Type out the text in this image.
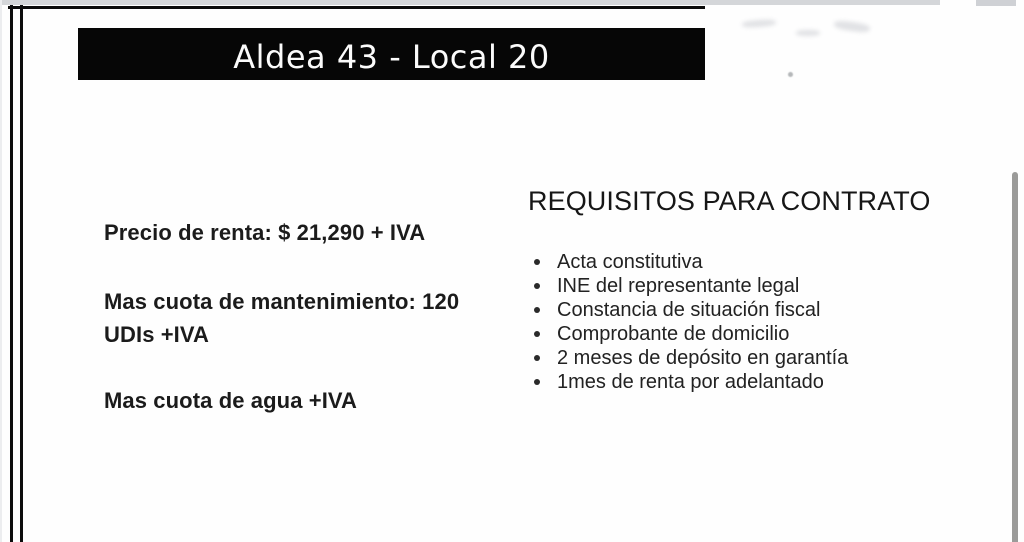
Aldea 43 - Local 20

Precio de renta: $ 21,290 + IVA

Mas cuota de mantenimiento: 120 UDIs +IVA

Mas cuota de agua +IVA

REQUISITOS PARA CONTRATO
Acta constitutiva
INE del representante legal
Constancia de situación fiscal
Comprobante de domicilio
2 meses de depósito en garantía
1mes de renta por adelantado
